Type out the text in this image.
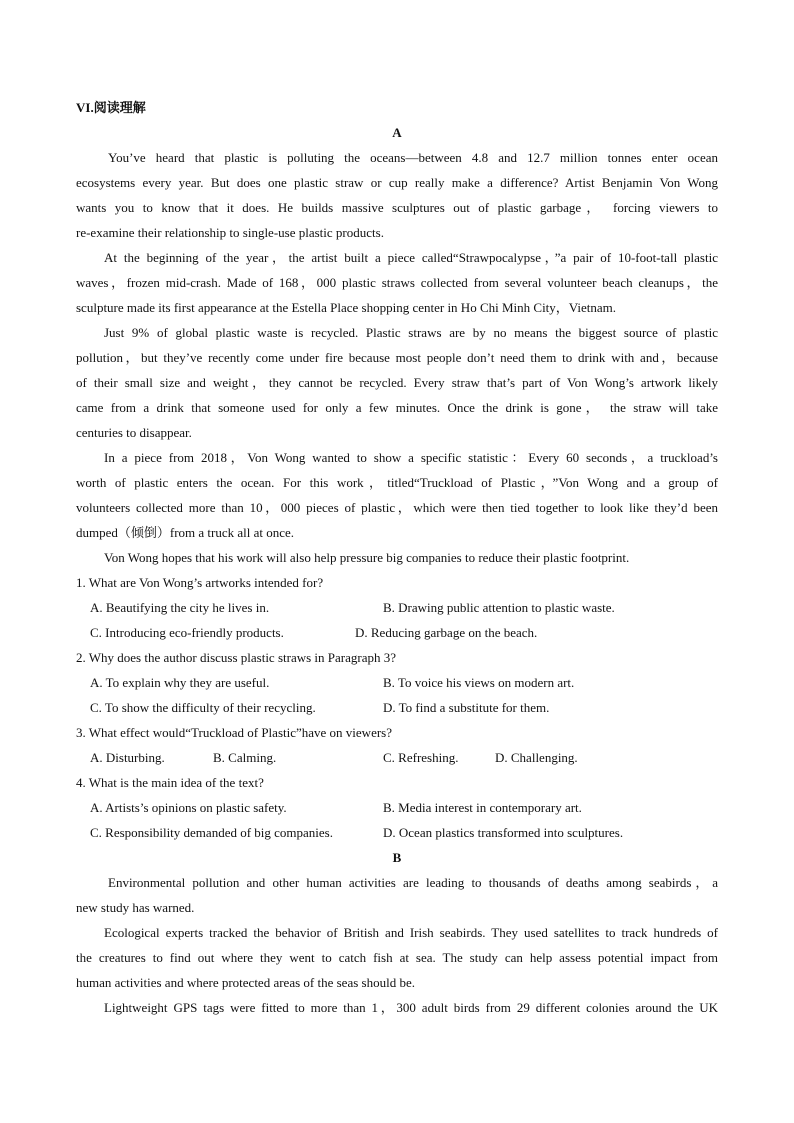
VI.阅读理解
A
You’ve heard that plastic is polluting the oceans—between 4.8 and 12.7 million tonnes enter ocean
ecosystems every year. But does one plastic straw or cup really make a difference? Artist Benjamin Von Wong
wants you to know that it does. He builds massive sculptures out of plastic garbage， forcing viewers to
re-examine their relationship to single-use plastic products.
At the beginning of the year，the artist built a piece called“Strawpocalypse，”a pair of 10-foot-tall plastic
waves，frozen mid-crash. Made of 168，000 plastic straws collected from several volunteer beach cleanups，the
sculpture made its first appearance at the Estella Place shopping center in Ho Chi Minh City，Vietnam.
Just 9% of global plastic waste is recycled. Plastic straws are by no means the biggest source of plastic
pollution，but they’ve recently come under fire because most people don’t need them to drink with and，because
of their small size and weight，they cannot be recycled. Every straw that’s part of Von Wong’s artwork likely
came from a drink that someone used for only a few minutes. Once the drink is gone， the straw will take
centuries to disappear.
In a piece from 2018，Von Wong wanted to show a specific statistic：Every 60 seconds，a truckload’s
worth of plastic enters the ocean. For this work，titled“Truckload of Plastic，”Von Wong and a group of
volunteers collected more than 10，000 pieces of plastic，which were then tied together to look like they’d been
dumped（倾倒）from a truck all at once.
Von Wong hopes that his work will also help pressure big companies to reduce their plastic footprint.
1. What are Von Wong’s artworks intended for?
A. Beautifying the city he lives in.	B. Drawing public attention to plastic waste.
C. Introducing eco-friendly products.	D. Reducing garbage on the beach.
2. Why does the author discuss plastic straws in Paragraph 3?
A. To explain why they are useful.	B. To voice his views on modern art.
C. To show the difficulty of their recycling.	D. To find a substitute for them.
3. What effect would“Truckload of Plastic”have on viewers?
A. Disturbing.	B. Calming.	C. Refreshing.	D. Challenging.
4. What is the main idea of the text?
A. Artists’s opinions on plastic safety.	B. Media interest in contemporary art.
C. Responsibility demanded of big companies.	D. Ocean plastics transformed into sculptures.
B
Environmental pollution and other human activities are leading to thousands of deaths among seabirds，a
new study has warned.
Ecological experts tracked the behavior of British and Irish seabirds. They used satellites to track hundreds of
the creatures to find out where they went to catch fish at sea. The study can help assess potential impact from
human activities and where protected areas of the seas should be.
Lightweight GPS tags were fitted to more than 1，300 adult birds from 29 different colonies around the UK
